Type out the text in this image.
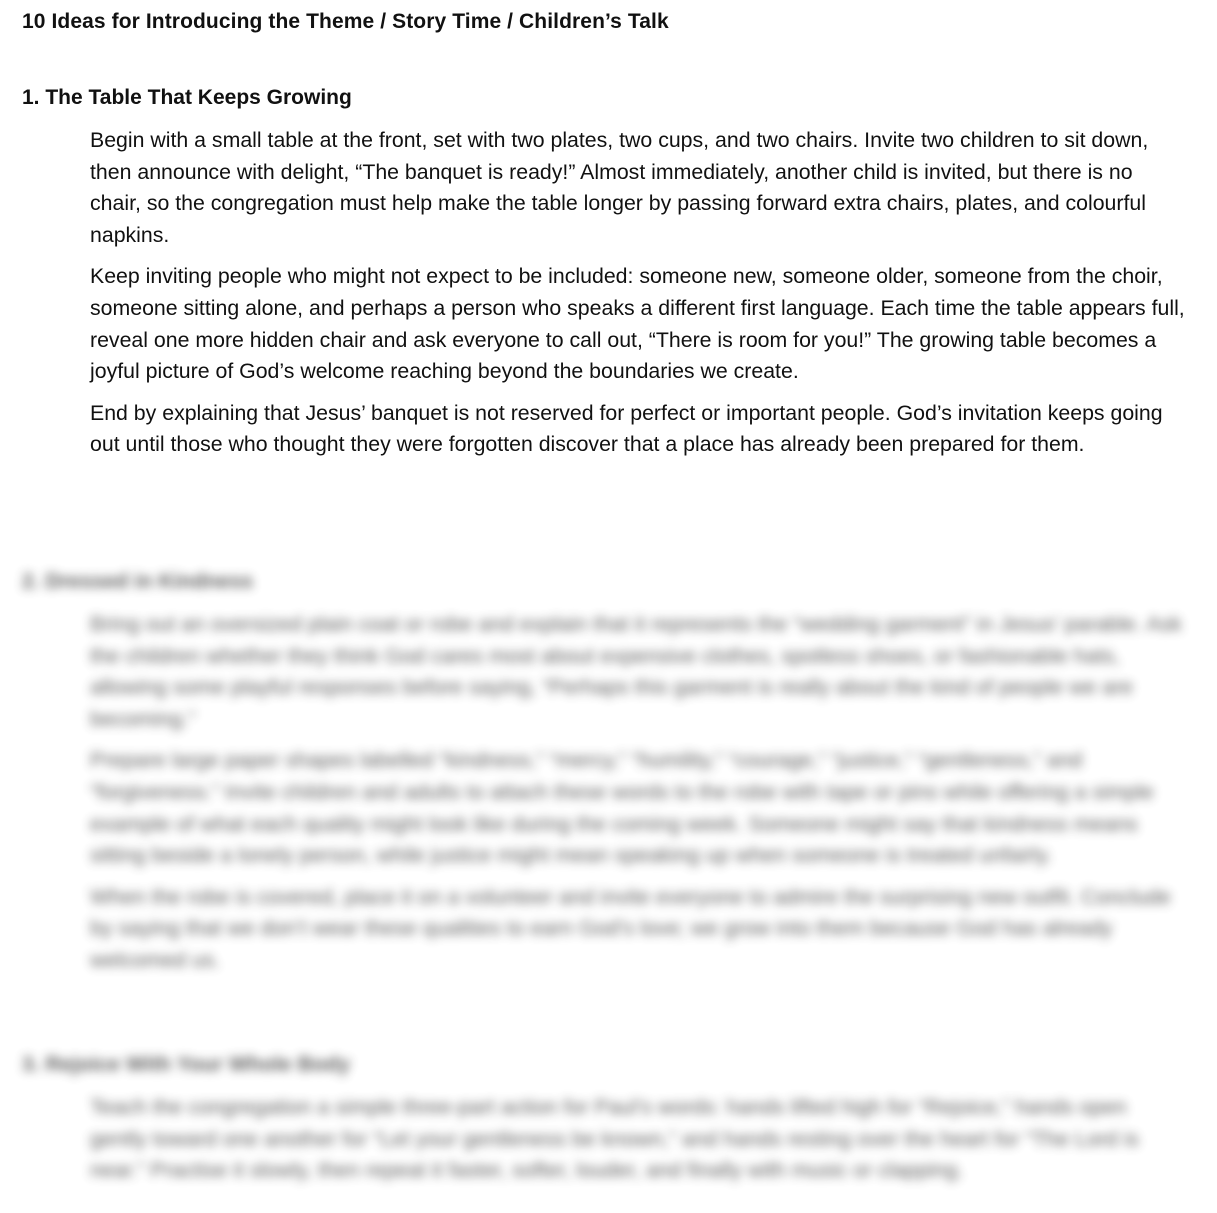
10 Ideas for Introducing the Theme / Story Time / Children’s Talk
1. The Table That Keeps Growing

Begin with a small table at the front, set with two plates, two cups, and two chairs. Invite two children to sit down, then announce with delight, “The banquet is ready!” Almost immediately, another child is invited, but there is no chair, so the congregation must help make the table longer by passing forward extra chairs, plates, and colourful napkins.

Keep inviting people who might not expect to be included: someone new, someone older, someone from the choir, someone sitting alone, and perhaps a person who speaks a different first language. Each time the table appears full, reveal one more hidden chair and ask everyone to call out, “There is room for you!” The growing table becomes a joyful picture of God’s welcome reaching beyond the boundaries we create.

End by explaining that Jesus’ banquet is not reserved for perfect or important people. God’s invitation keeps going out until those who thought they were forgotten discover that a place has already been prepared for them.

2. Dressed in Kindness

Bring out an oversized plain coat or robe and explain that it represents the “wedding garment” in Jesus’ parable. Ask the children whether they think God cares most about expensive clothes, spotless shoes, or fashionable hats, allowing some playful responses before saying, “Perhaps this garment is really about the kind of people we are becoming.”

Prepare large paper shapes labelled “kindness,” “mercy,” “humility,” “courage,” “justice,” “gentleness,” and “forgiveness.” Invite children and adults to attach these words to the robe with tape or pins while offering a simple example of what each quality might look like during the coming week. Someone might say that kindness means sitting beside a lonely person, while justice might mean speaking up when someone is treated unfairly.

When the robe is covered, place it on a volunteer and invite everyone to admire the surprising new outfit. Conclude by saying that we don’t wear these qualities to earn God’s love; we grow into them because God has already welcomed us.

3. Rejoice With Your Whole Body

Teach the congregation a simple three-part action for Paul’s words: hands lifted high for “Rejoice,” hands open gently toward one another for “Let your gentleness be known,” and hands resting over the heart for “The Lord is near.” Practise it slowly, then repeat it faster, softer, louder, and finally with music or clapping.
